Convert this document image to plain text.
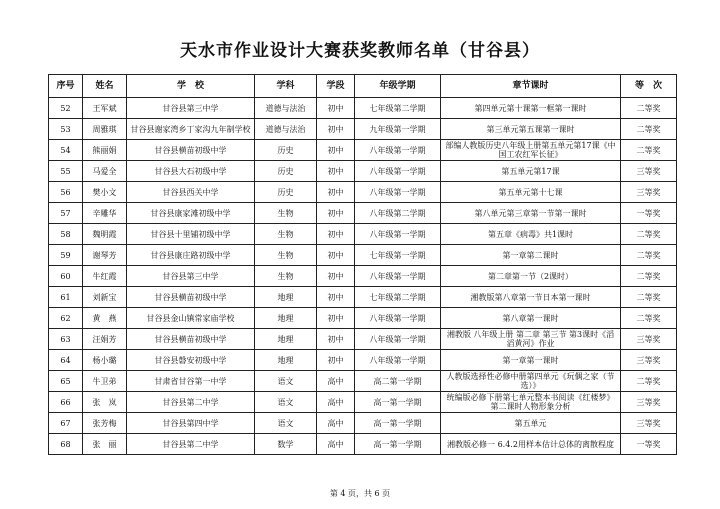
天水市作业设计大赛获奖教师名单（甘谷县）
序号	姓名	学　校	学科	学段	年级学期	章节课时	等　次
52	王军斌	甘谷县第三中学	道德与法治	初中	七年级第二学期	第四单元第十课第一框第一课时	二等奖
53	周雅琪	甘谷县谢家湾乡丁家沟九年制学校	道德与法治	初中	九年级第一学期	第三单元第五课第一课时	二等奖
54	熊丽娟	甘谷县横苗初级中学	历史	初中	八年级第一学期	部编人教版历史八年级上册第五单元第17课《中国工农红军长征》	二等奖
55	马爱全	甘谷县大石初级中学	历史	初中	八年级第一学期	第五单元第17课	三等奖
56	樊小文	甘谷县西关中学	历史	初中	八年级第一学期	第五单元第十七课	三等奖
57	辛雕华	甘谷县康家滩初级中学	生物	初中	八年级第二学期	第八单元第三章第一节第一课时	一等奖
58	魏明霞	甘谷县十里铺初级中学	生物	初中	八年级第一学期	第五章《病毒》共1课时	二等奖
59	谢琴芳	甘谷县康庄路初级中学	生物	初中	七年级第一学期	第一章第二课时	二等奖
60	牛红霞	甘谷县第三中学	生物	初中	八年级第一学期	第二章第一节（2课时）	二等奖
61	刘新宝	甘谷县横苗初级中学	地理	初中	七年级第二学期	湘教版第八章第一节日本第一课时	二等奖
62	黄　燕	甘谷县金山镇常家庙学校	地理	初中	八年级第一学期	第八章第一课时	二等奖
63	汪娟芳	甘谷县横苗初级中学	地理	初中	八年级第一学期	湘教版 八年级上册 第二章 第三节 第3课时《滔滔黄河》作业	三等奖
64	杨小璐	甘谷县磐安初级中学	地理	初中	八年级第一学期	第一章第一课时	三等奖
65	牛卫弟	甘肃省甘谷第一中学	语文	高中	高二第一学期	人教版选择性必修中册第四单元《玩偶之家（节选）》	二等奖
66	张　岚	甘谷县第二中学	语文	高中	高一第一学期	统编版必修下册第七单元整本书阅读《红楼梦》第二课时人物形象分析	三等奖
67	张芳梅	甘谷县第四中学	语文	高中	高一第一学期	第五单元	三等奖
68	张　丽	甘谷县第二中学	数学	高中	高一第一学期	湘教版必修一 6.4.2用样本估计总体的离散程度	一等奖
第 4 页，共 6 页
